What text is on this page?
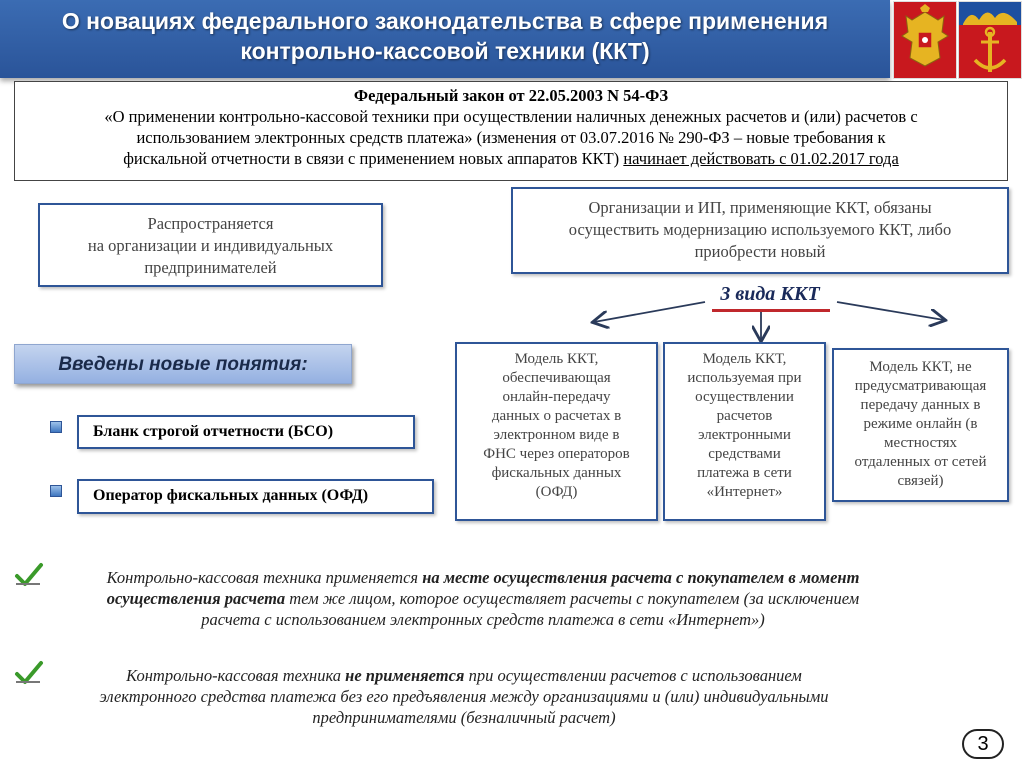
О новациях федерального законодательства в сфере применения
контрольно-кассовой техники (ККТ)
Федеральный закон от 22.05.2003 N 54-ФЗ
«О применении контрольно-кассовой техники при осуществлении наличных денежных расчетов и (или) расчетов с
использованием электронных средств платежа» (изменения от 03.07.2016 № 290-ФЗ – новые требования к
фискальной отчетности в связи с применением новых аппаратов ККТ) начинает действовать с 01.02.2017 года
Распространяется
на организации и индивидуальных
предпринимателей
Организации и ИП, применяющие ККТ, обязаны
осуществить модернизацию используемого ККТ, либо
приобрести новый
3 вида ККТ
Модель ККТ,
обеспечивающая
онлайн-передачу
данных о расчетах в
электронном виде в
ФНС через операторов
фискальных данных
(ОФД)
Модель ККТ,
используемая при
осуществлении
расчетов
электронными
средствами
платежа в сети
«Интернет»
Модель ККТ, не
предусматривающая
передачу данных в
режиме онлайн (в
местностях
отдаленных от сетей
связей)
Введены новые понятия:
Бланк строгой отчетности (БСО)
Оператор фискальных данных (ОФД)
Контрольно-кассовая техника применяется на месте осуществления расчета с покупателем в момент
осуществления расчета тем же лицом, которое осуществляет расчеты с покупателем (за исключением
расчета с использованием электронных средств платежа в сети «Интернет»)
Контрольно-кассовая техника не применяется при осуществлении расчетов с использованием
электронного средства платежа без его предъявления между организациями и (или) индивидуальными
предпринимателями (безналичный расчет)
3
